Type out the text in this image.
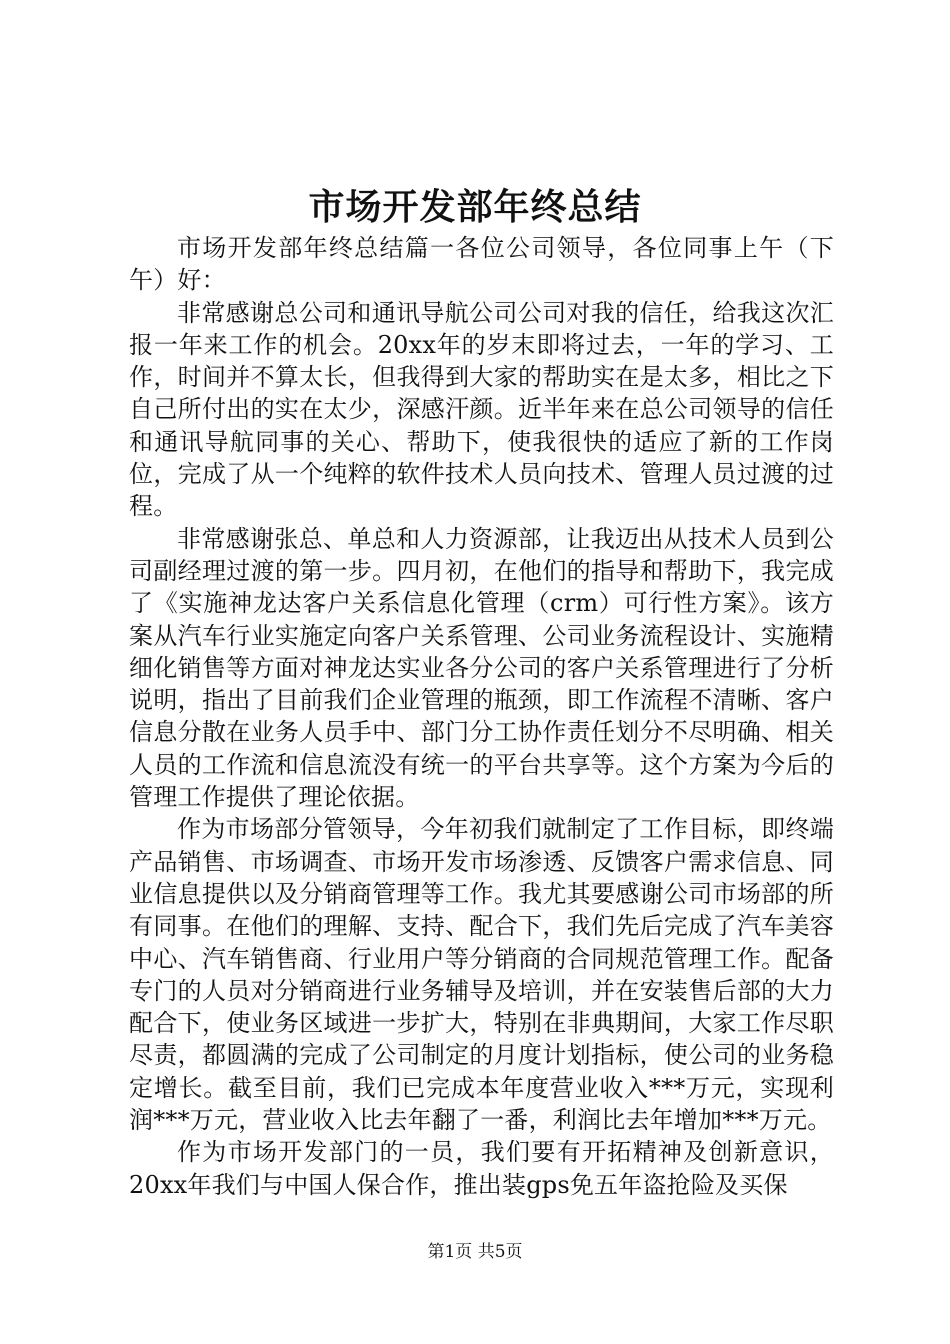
市场开发部年终总结

市场开发部年终总结篇一各位公司领导，各位同事上午（下午）好：

非常感谢总公司和通讯导航公司公司对我的信任，给我这次汇报一年来工作的机会。20xx年的岁末即将过去，一年的学习、工作，时间并不算太长，但我得到大家的帮助实在是太多，相比之下自己所付出的实在太少，深感汗颜。近半年来在总公司领导的信任和通讯导航同事的关心、帮助下，使我很快的适应了新的工作岗位，完成了从一个纯粹的软件技术人员向技术、管理人员过渡的过程。

非常感谢张总、单总和人力资源部，让我迈出从技术人员到公司副经理过渡的第一步。四月初，在他们的指导和帮助下，我完成了《实施神龙达客户关系信息化管理（crm）可行性方案》。该方案从汽车行业实施定向客户关系管理、公司业务流程设计、实施精细化销售等方面对神龙达实业各分公司的客户关系管理进行了分析说明，指出了目前我们企业管理的瓶颈，即工作流程不清晰、客户信息分散在业务人员手中、部门分工协作责任划分不尽明确、相关人员的工作流和信息流没有统一的平台共享等。这个方案为今后的管理工作提供了理论依据。

作为市场部分管领导，今年初我们就制定了工作目标，即终端产品销售、市场调查、市场开发市场渗透、反馈客户需求信息、同业信息提供以及分销商管理等工作。我尤其要感谢公司市场部的所有同事。在他们的理解、支持、配合下，我们先后完成了汽车美容中心、汽车销售商、行业用户等分销商的合同规范管理工作。配备专门的人员对分销商进行业务辅导及培训，并在安装售后部的大力配合下，使业务区域进一步扩大，特别在非典期间，大家工作尽职尽责，都圆满的完成了公司制定的月度计划指标，使公司的业务稳定增长。截至目前，我们已完成本年度营业收入***万元，实现利润***万元，营业收入比去年翻了一番，利润比去年增加***万元。

作为市场开发部门的一员，我们要有开拓精神及创新意识，20xx年我们与中国人保合作，推出装gps免五年盗抢险及买保

第1页 共5页
